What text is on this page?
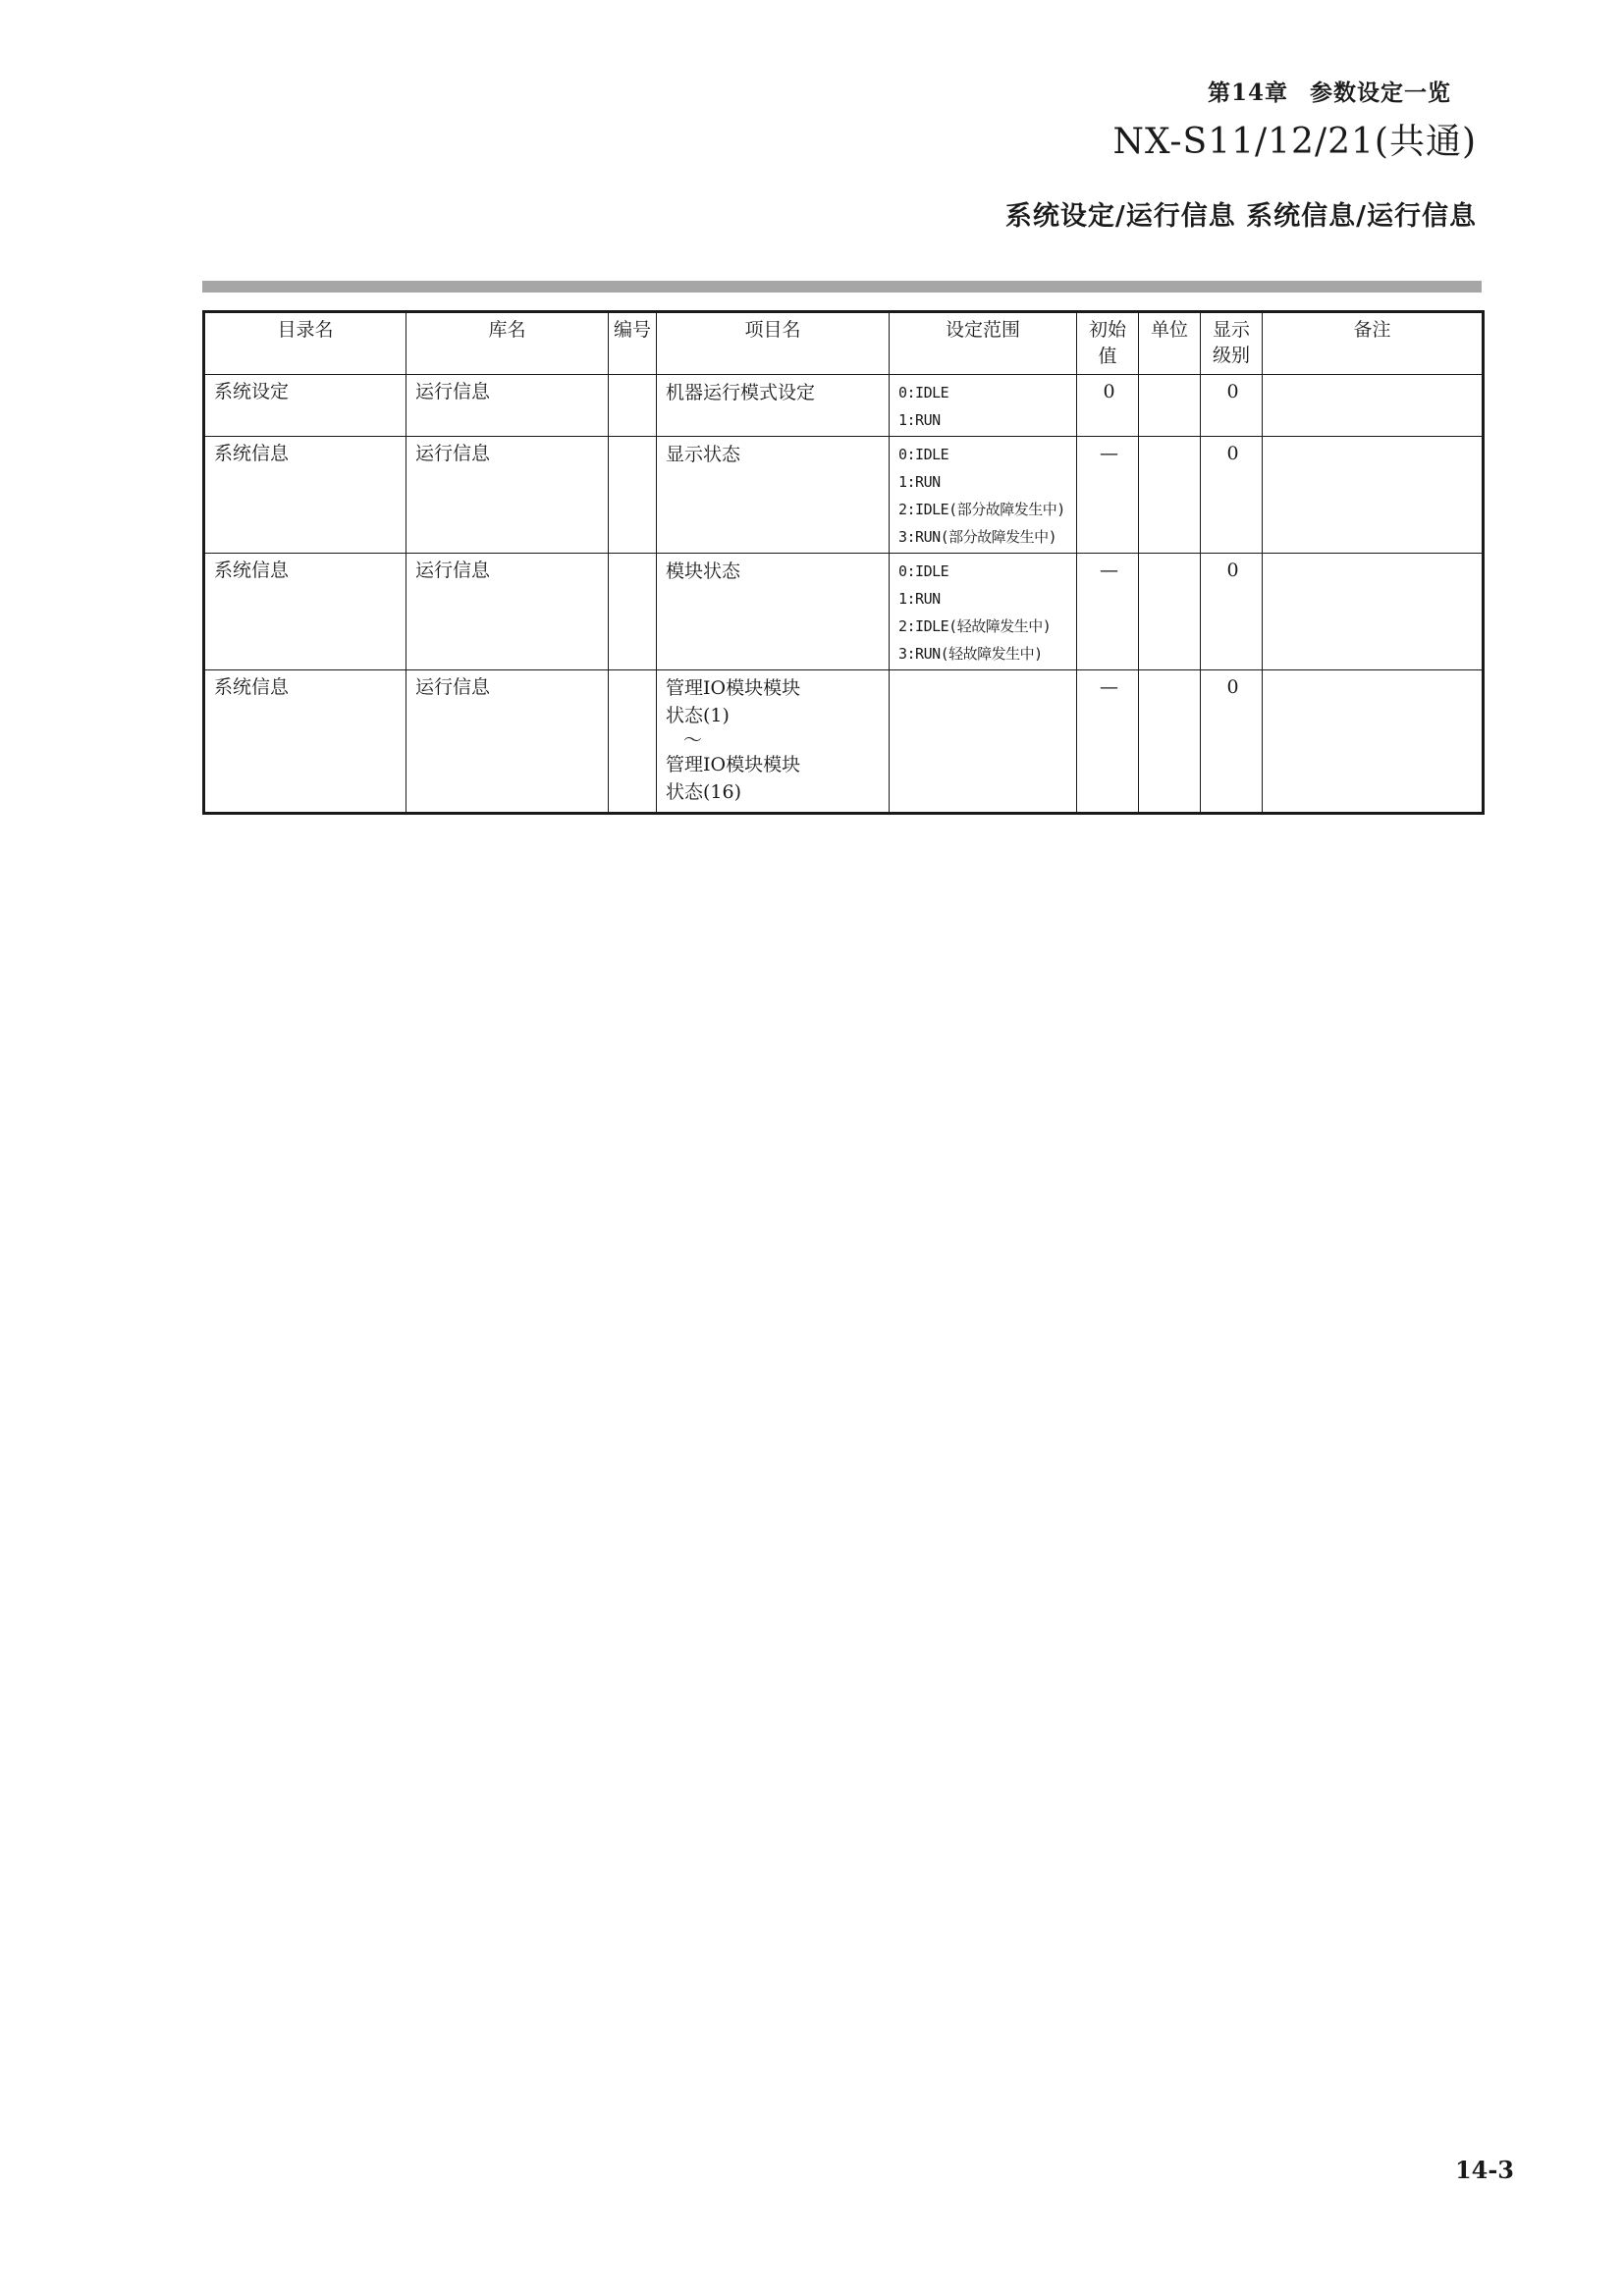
第14章 参数设定一览
NX-S11/12/21(共通)
系统设定/运行信息 系统信息/运行信息
目录名	库名	编号	项目名	设定范围	初始值	单位	显示级别	备注
系统设定	运行信息		机器运行模式设定	0:IDLE
1:RUN	0		0	
系统信息	运行信息		显示状态	0:IDLE
1:RUN
2:IDLE(部分故障发生中)
3:RUN(部分故障发生中)	—		0	
系统信息	运行信息		模块状态	0:IDLE
1:RUN
2:IDLE(轻故障发生中)
3:RUN(轻故障发生中)	—		0	
系统信息	运行信息		管理IO模块模块
状态(1)
～
管理IO模块模块
状态(16)		—		0	
14-3
